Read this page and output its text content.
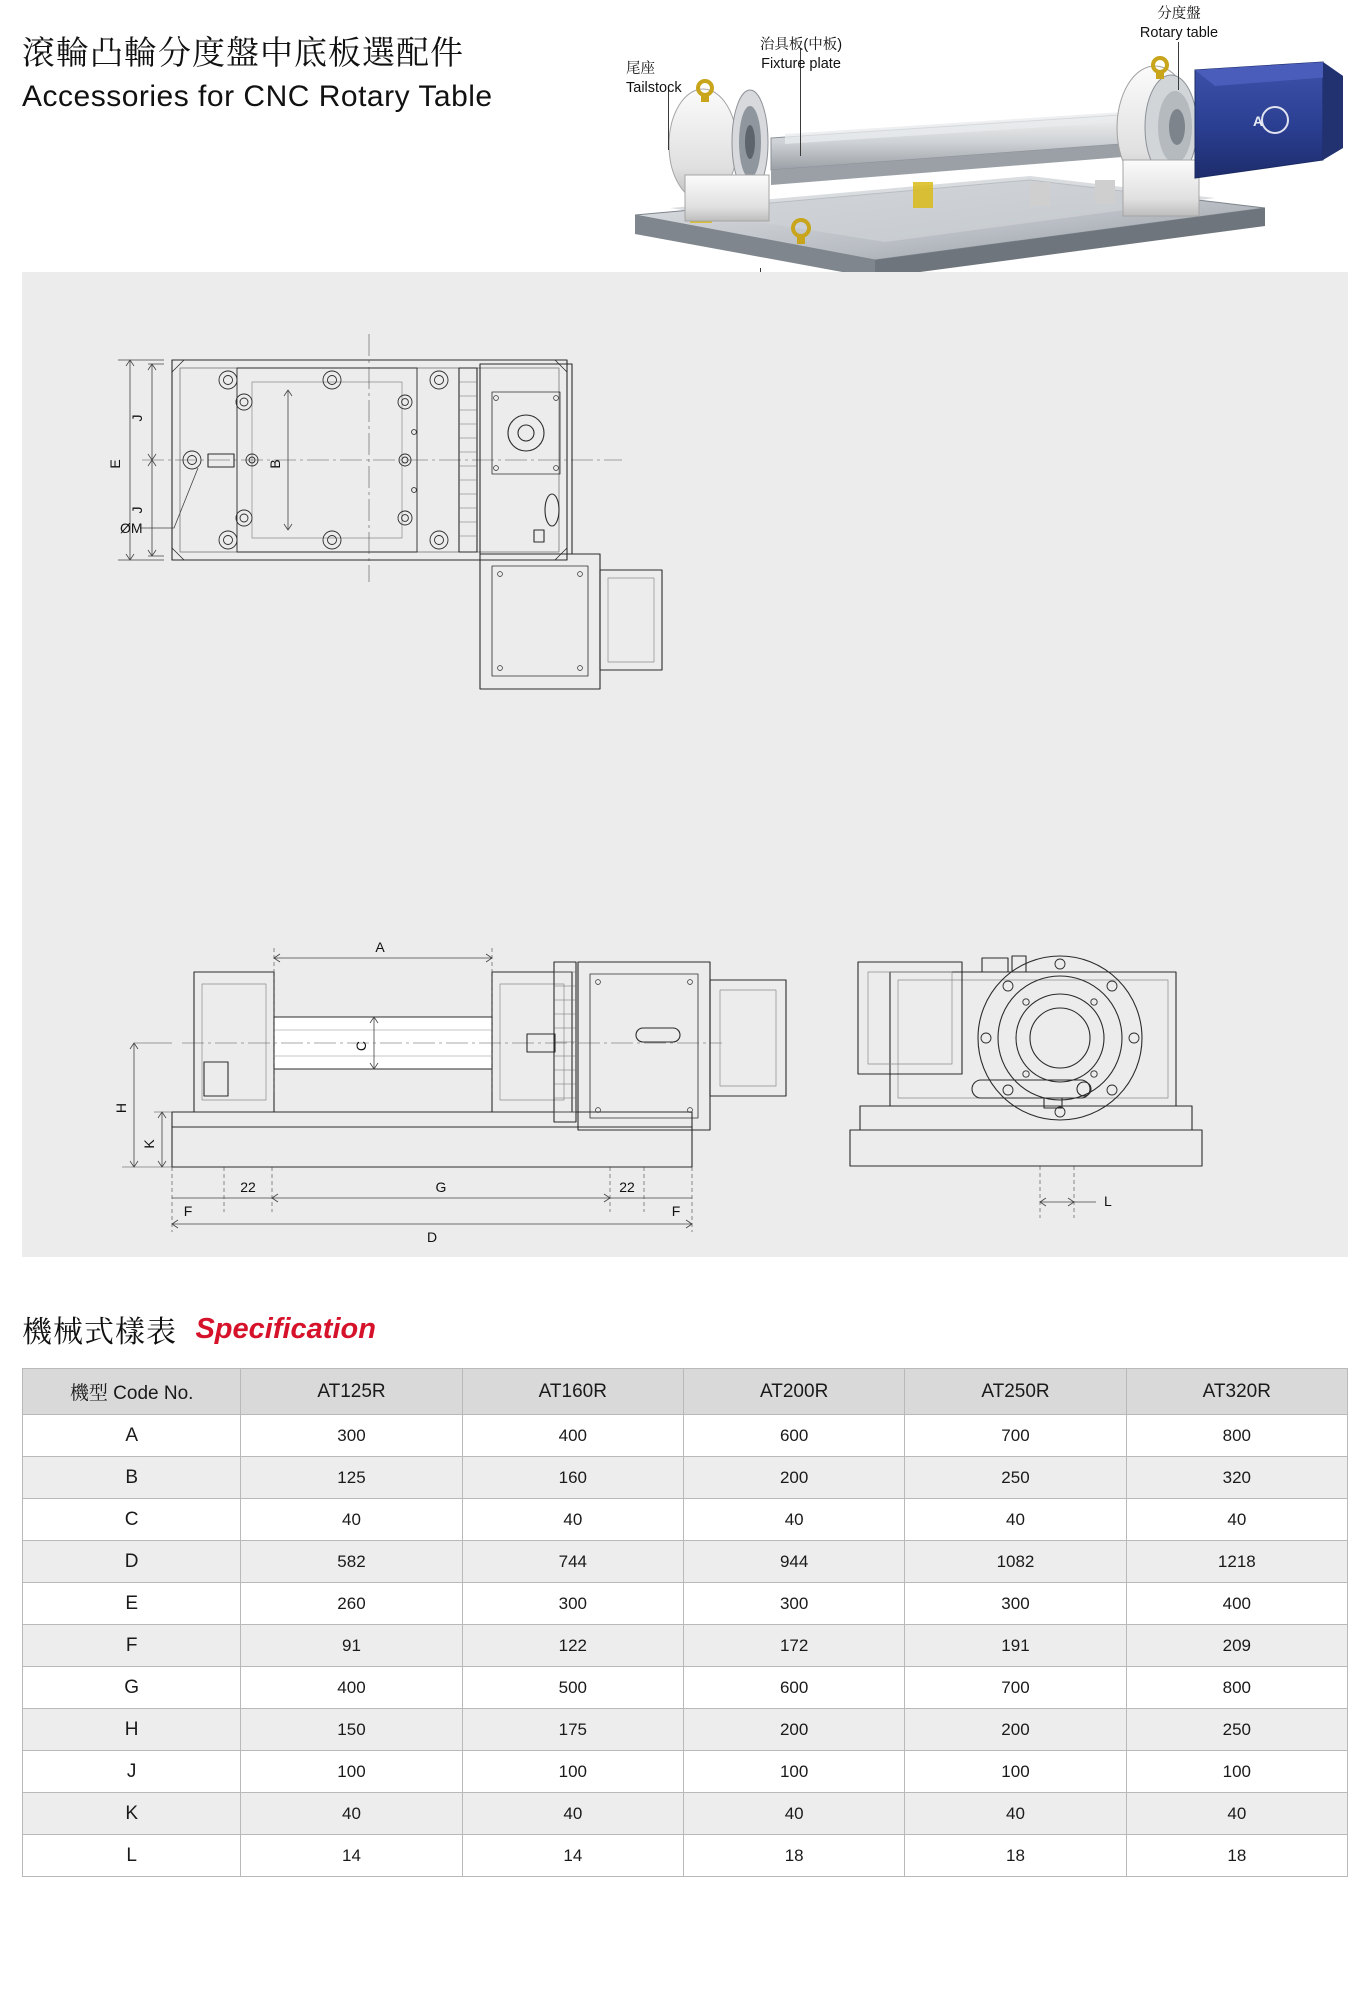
滾輪凸輪分度盤中底板選配件
Accessories for CNC Rotary Table
A
分度盤
Rotary table
治具板(中板)
Fixture plate
尾座
Tailstock
E
J
J
B
ØM
A
C
H
K
F
22	G	22
F
D
L
機械式樣表 Specification
機型 Code No.	AT125R	AT160R	AT200R	AT250R	AT320R
A	300	400	600	700	800
B	125	160	200	250	320
C	40	40	40	40	40
D	582	744	944	1082	1218
E	260	300	300	300	400
F	91	122	172	191	209
G	400	500	600	700	800
H	150	175	200	200	250
J	100	100	100	100	100
K	40	40	40	40	40
L	14	14	18	18	18
